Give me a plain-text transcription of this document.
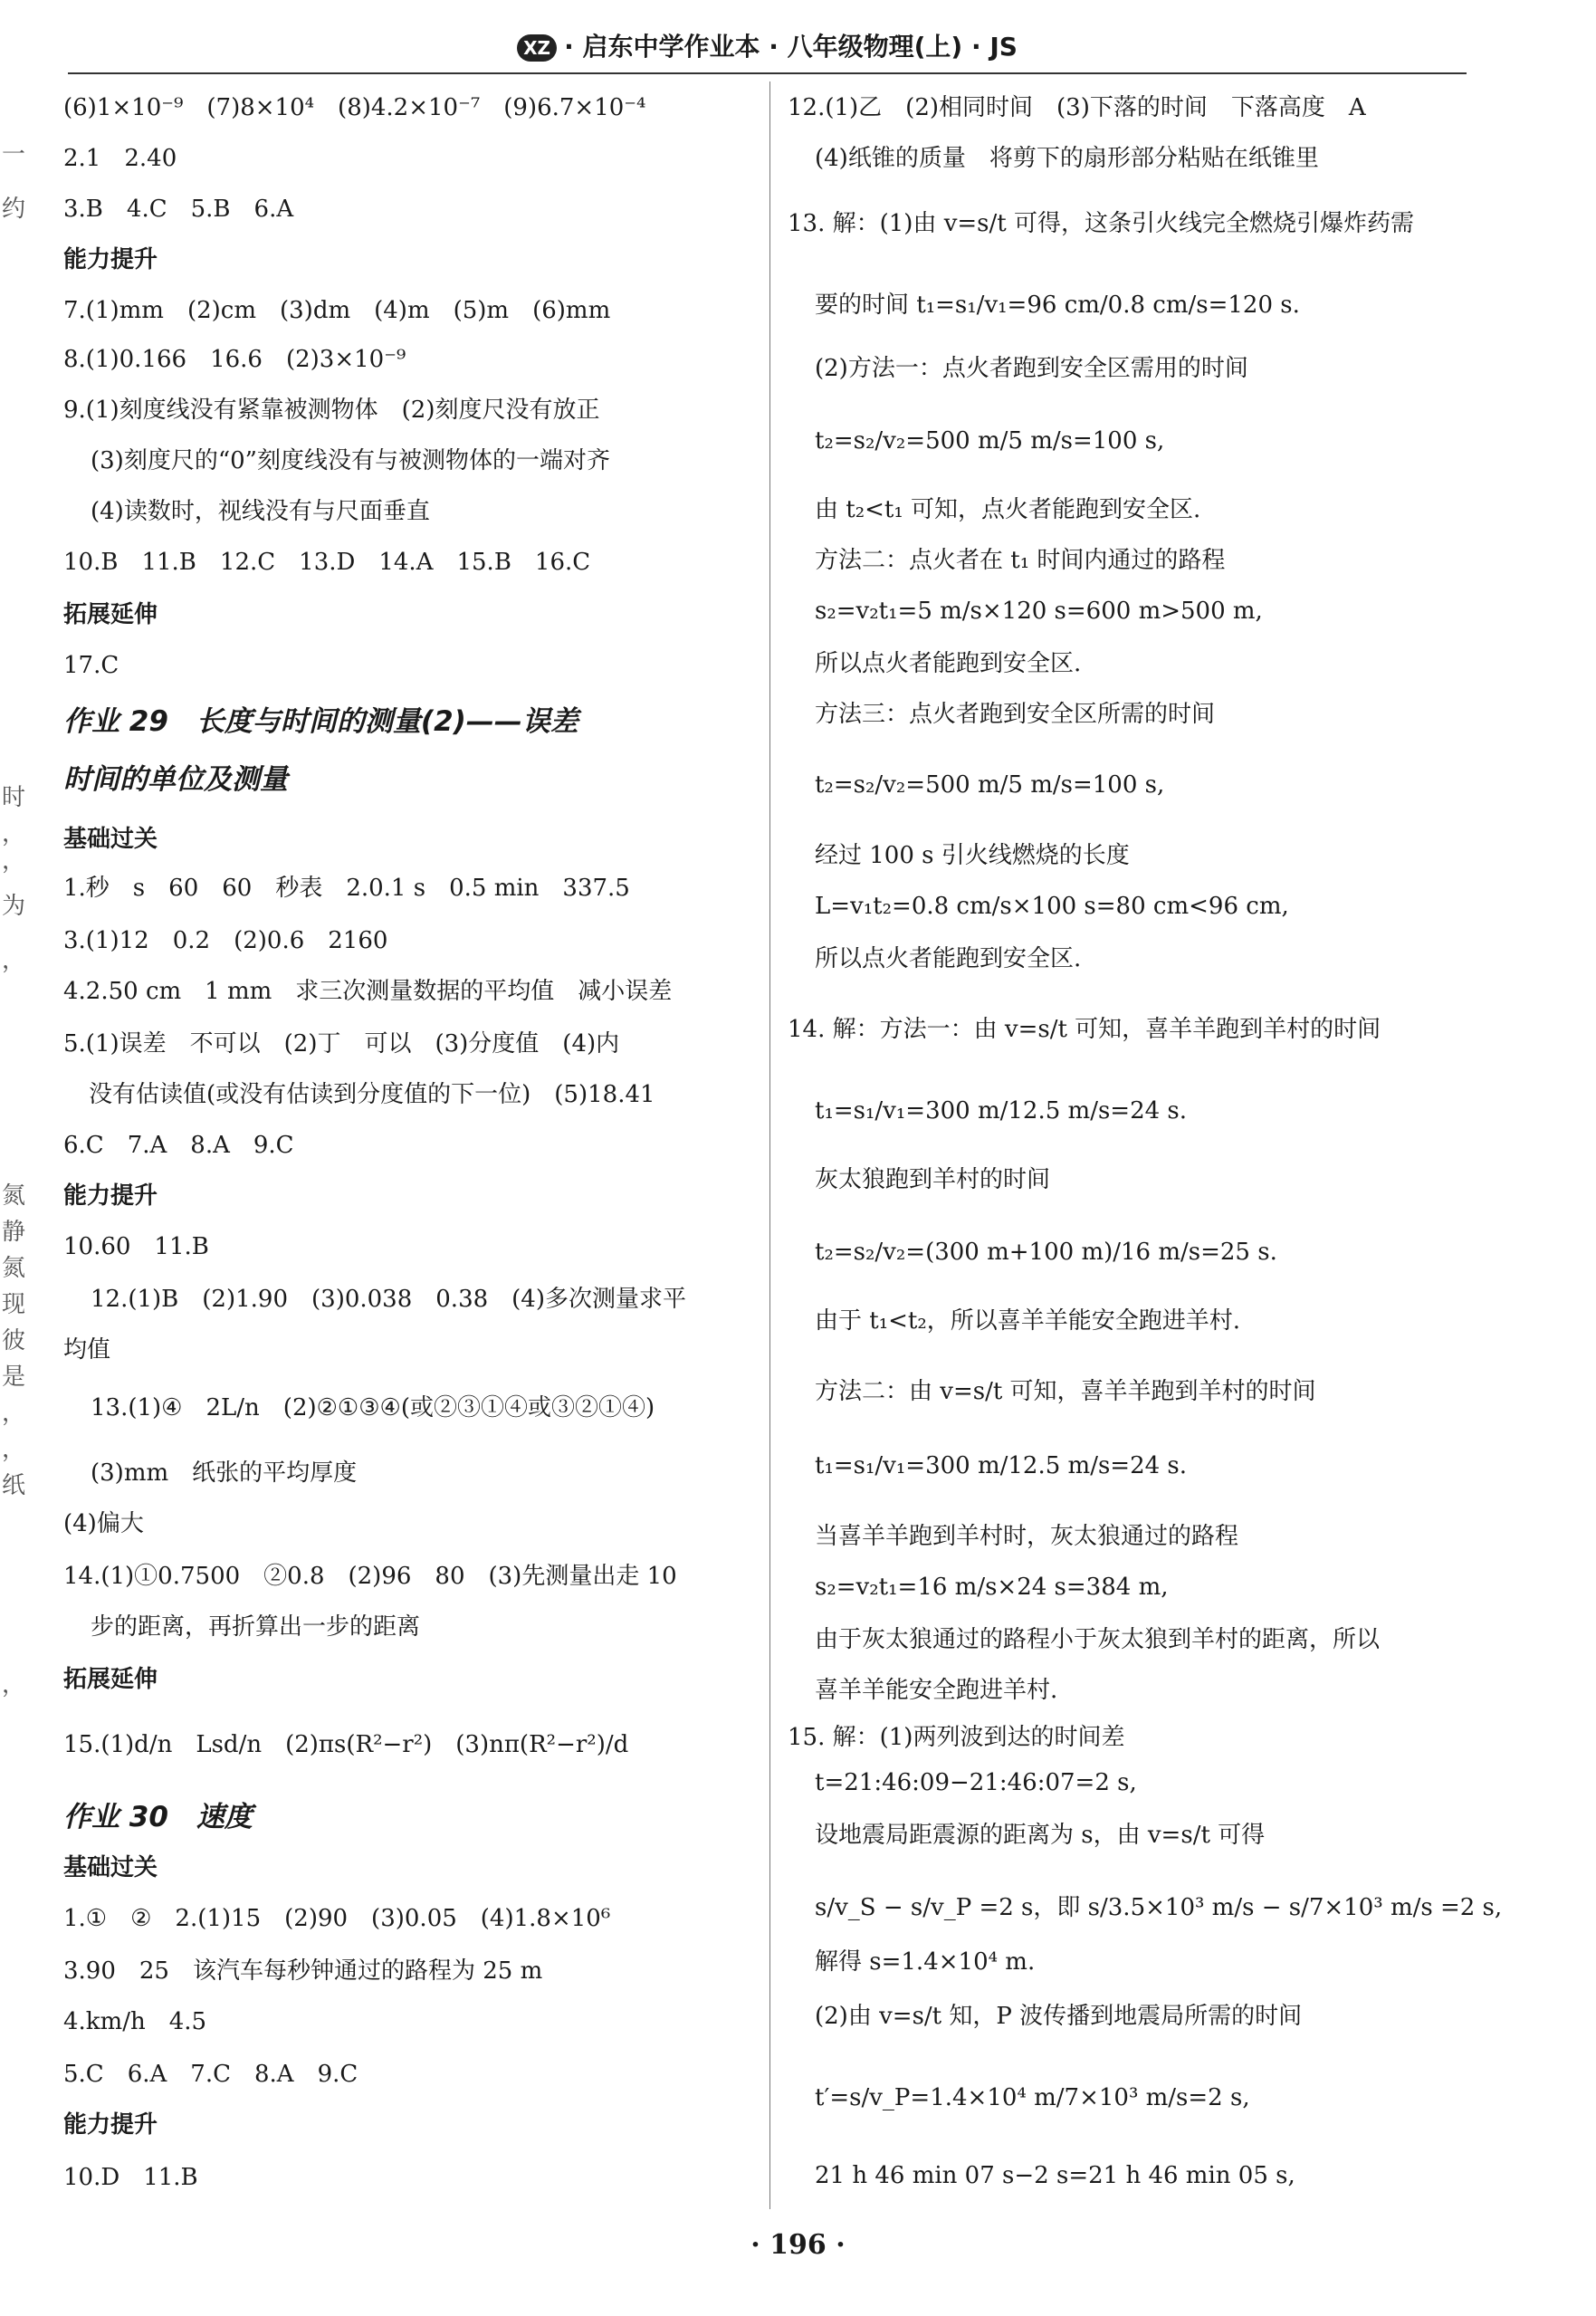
XZ · 启东中学作业本 · 八年级物理(上) · JS
一
约
时
，
，
为
，
氮
静
氮
现
彼
是
，
，
纸
，
(6)1×10⁻⁹　(7)8×10⁴　(8)4.2×10⁻⁷　(9)6.7×10⁻⁴
2.1　2.40
3.B　4.C　5.B　6.A
能力提升
7.(1)mm　(2)cm　(3)dm　(4)m　(5)m　(6)mm
8.(1)0.166　16.6　(2)3×10⁻⁹
9.(1)刻度线没有紧靠被测物体　(2)刻度尺没有放正
(3)刻度尺的“0”刻度线没有与被测物体的一端对齐
(4)读数时，视线没有与尺面垂直
10.B　11.B　12.C　13.D　14.A　15.B　16.C
拓展延伸
17.C
作业 29　长度与时间的测量(2)——误差
时间的单位及测量
基础过关
1.秒　s　60　60　秒表　2.0.1 s　0.5 min　337.5
3.(1)12　0.2　(2)0.6　2160
4.2.50 cm　1 mm　求三次测量数据的平均值　减小误差
5.(1)误差　不可以　(2)丁　可以　(3)分度值　(4)内
没有估读值(或没有估读到分度值的下一位)　(5)18.41
6.C　7.A　8.A　9.C
能力提升
10.60　11.B
12.(1)B　(2)1.90　(3)0.038　0.38　(4)多次测量求平
均值
13.(1)④　2L/n　(2)②①③④(或②③①④或③②①④)
(3)mm　纸张的平均厚度
(4)偏大
14.(1)①0.7500　②0.8　(2)96　80　(3)先测量出走 10
步的距离，再折算出一步的距离
拓展延伸
15.(1)d/n　Lsd/n　(2)πs(R²−r²)　(3)nπ(R²−r²)/d
作业 30　速度
基础过关
1.①　②　2.(1)15　(2)90　(3)0.05　(4)1.8×10⁶
3.90　25　该汽车每秒钟通过的路程为 25 m
4.km/h　4.5
5.C　6.A　7.C　8.A　9.C
能力提升
10.D　11.B
12.(1)乙　(2)相同时间　(3)下落的时间　下落高度　A
(4)纸锥的质量　将剪下的扇形部分粘贴在纸锥里
13. 解：(1)由 v=s/t 可得，这条引火线完全燃烧引爆炸药需
要的时间 t₁=s₁/v₁=96 cm/0.8 cm/s=120 s.
(2)方法一：点火者跑到安全区需用的时间
t₂=s₂/v₂=500 m/5 m/s=100 s,
由 t₂<t₁ 可知，点火者能跑到安全区.
方法二：点火者在 t₁ 时间内通过的路程
s₂=v₂t₁=5 m/s×120 s=600 m>500 m,
所以点火者能跑到安全区.
方法三：点火者跑到安全区所需的时间
t₂=s₂/v₂=500 m/5 m/s=100 s,
经过 100 s 引火线燃烧的长度
L=v₁t₂=0.8 cm/s×100 s=80 cm<96 cm,
所以点火者能跑到安全区.
14. 解：方法一：由 v=s/t 可知，喜羊羊跑到羊村的时间
t₁=s₁/v₁=300 m/12.5 m/s=24 s.
灰太狼跑到羊村的时间
t₂=s₂/v₂=(300 m+100 m)/16 m/s=25 s.
由于 t₁<t₂，所以喜羊羊能安全跑进羊村.
方法二：由 v=s/t 可知，喜羊羊跑到羊村的时间
t₁=s₁/v₁=300 m/12.5 m/s=24 s.
当喜羊羊跑到羊村时，灰太狼通过的路程
s₂=v₂t₁=16 m/s×24 s=384 m,
由于灰太狼通过的路程小于灰太狼到羊村的距离，所以
喜羊羊能安全跑进羊村.
15. 解：(1)两列波到达的时间差
t=21:46:09−21:46:07=2 s,
设地震局距震源的距离为 s，由 v=s/t 可得
s/v_S − s/v_P =2 s，即 s/3.5×10³ m/s − s/7×10³ m/s =2 s,
解得 s=1.4×10⁴ m.
(2)由 v=s/t 知，P 波传播到地震局所需的时间
t′=s/v_P=1.4×10⁴ m/7×10³ m/s=2 s,
21 h 46 min 07 s−2 s=21 h 46 min 05 s,
· 196 ·
